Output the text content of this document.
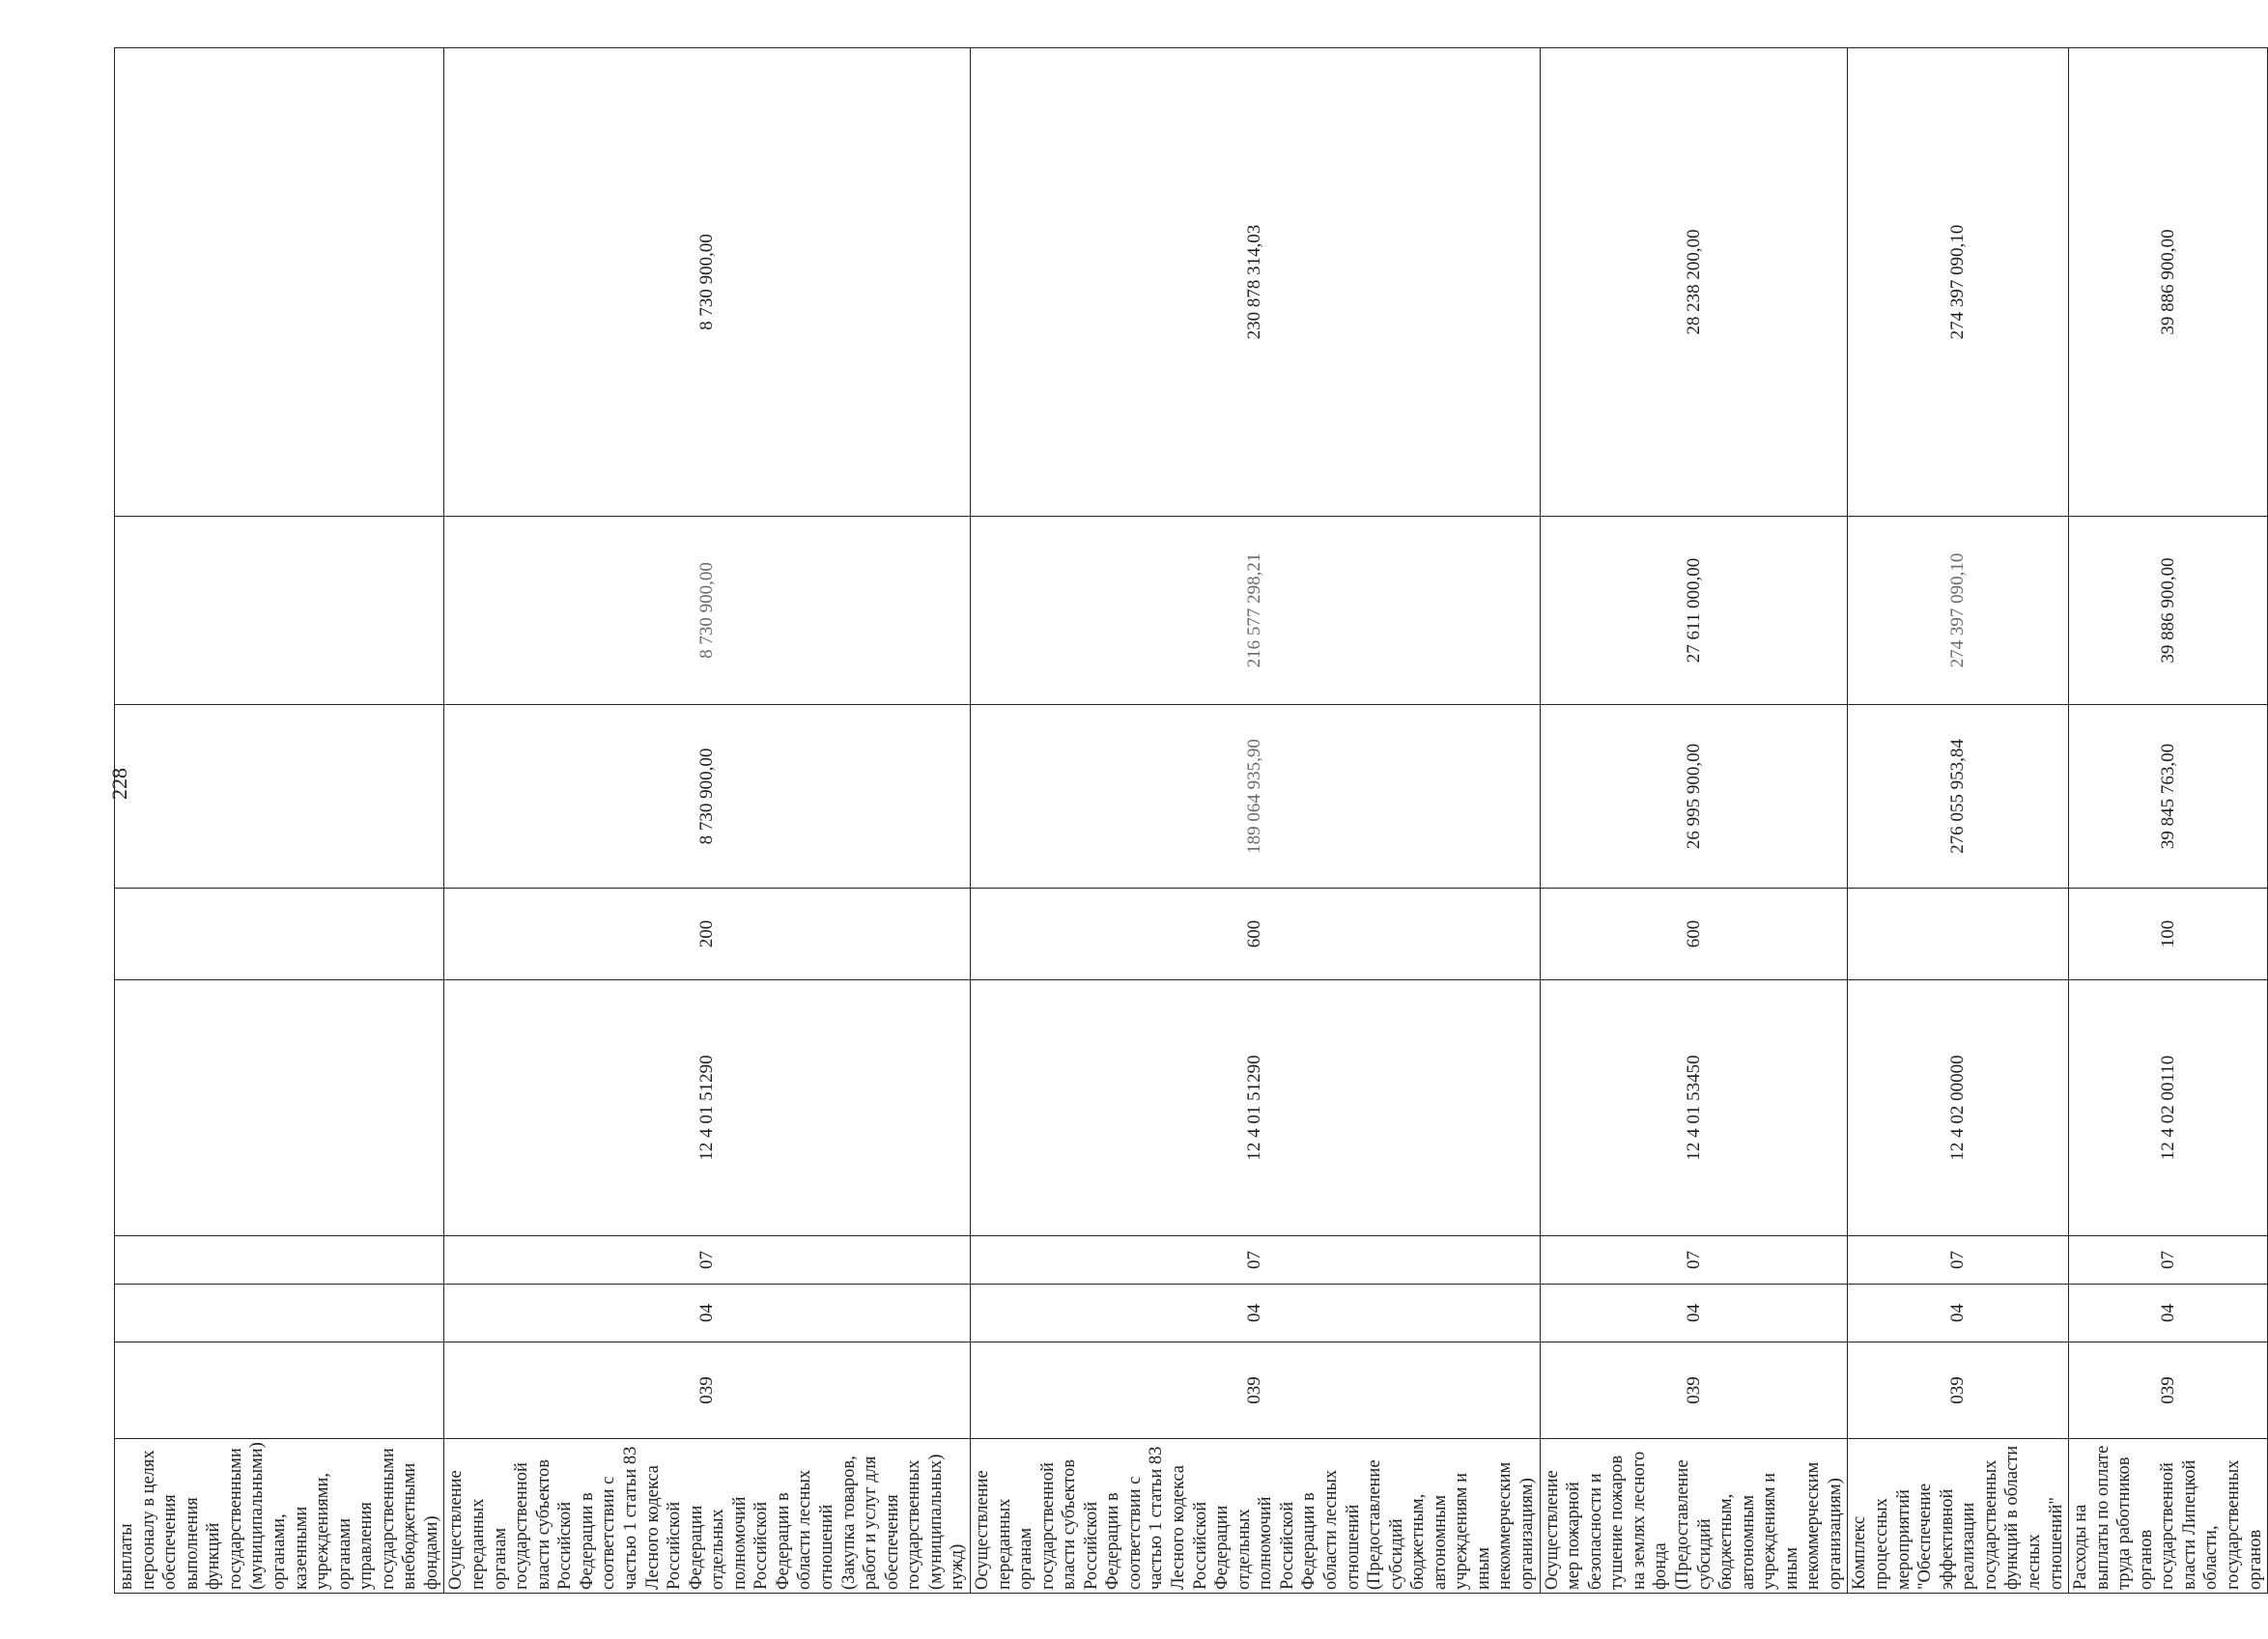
228
выплаты персоналу в целях обеспечения выполнения функций государственными (муниципальными) органами, казенными учреждениями, органами управления государственными внебюджетными фондами)								
Осуществление переданных органам государственной власти субъектов Российской Федерации в соответствии с частью 1 статьи 83 Лесного кодекса Российской Федерации отдельных полномочий Российской Федерации в области лесных отношений (Закупка товаров, работ и услуг для обеспечения государственных (муниципальных) нужд)	039	04	07	12 4 01 51290	200	8 730 900,00	8 730 900,00	8 730 900,00
Осуществление переданных органам государственной власти субъектов Российской Федерации в соответствии с частью 1 статьи 83 Лесного кодекса Российской Федерации отдельных полномочий Российской Федерации в области лесных отношений (Предоставление субсидий бюджетным, автономным учреждениям и иным некоммерческим организациям)	039	04	07	12 4 01 51290	600	189 064 935,90	216 577 298,21	230 878 314,03
Осуществление мер пожарной безопасности и тушение пожаров на землях лесного фонда (Предоставление субсидий бюджетным, автономным учреждениям и иным некоммерческим организациям)	039	04	07	12 4 01 53450	600	26 995 900,00	27 611 000,00	28 238 200,00
Комплекс процессных мероприятий "Обеспечение эффективной реализации государственных функций в области лесных отношений"	039	04	07	12 4 02 00000		276 055 953,84	274 397 090,10	274 397 090,10
Расходы на выплаты по оплате труда работников органов государственной власти Липецкой области, государственных органов	039	04	07	12 4 02 00110	100	39 845 763,00	39 886 900,00	39 886 900,00
